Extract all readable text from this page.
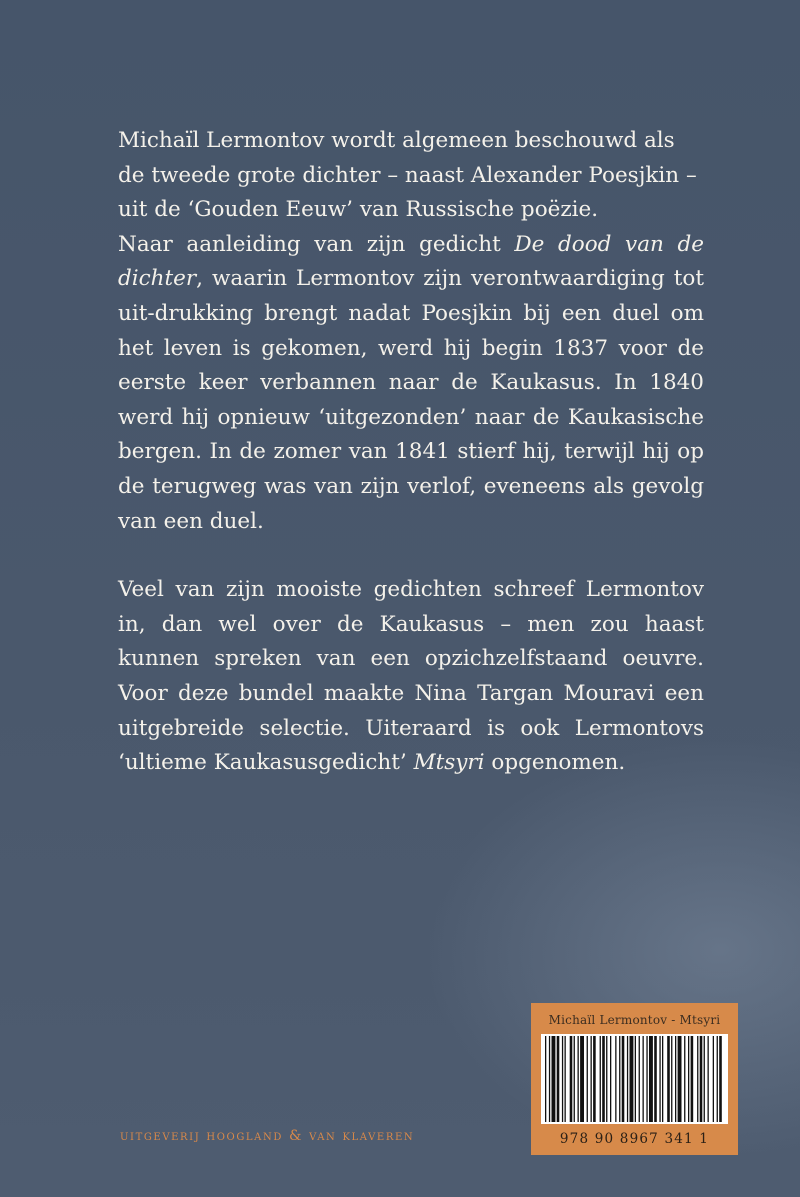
Michaïl Lermontov wordt algemeen beschouwd als
de tweede grote dichter – naast Alexander Poesjkin –
uit de ‘Gouden Eeuw’ van Russische poëzie.

Naar aanleiding van zijn gedicht De dood van de dichter, waarin Lermontov zijn verontwaardiging tot uit-drukking brengt nadat Poesjkin bij een duel om het leven is gekomen, werd hij begin 1837 voor de eerste keer verbannen naar de Kaukasus. In 1840 werd hij opnieuw ‘uitgezonden’ naar de Kaukasische bergen. In de zomer van 1841 stierf hij, terwijl hij op de terugweg was van zijn verlof, eveneens als gevolg van een duel.

Veel van zijn mooiste gedichten schreef Lermontov in, dan wel over de Kaukasus – men zou haast kunnen spreken van een opzichzelfstaand oeuvre. Voor deze bundel maakte Nina Targan Mouravi een uitgebreide selectie. Uiteraard is ook Lermontovs ‘ultieme Kaukasusgedicht’ Mtsyri opgenomen.

uitgeverij hoogland & van klaveren
Michaïl Lermontov - Mtsyri
978 90 8967 341 1
